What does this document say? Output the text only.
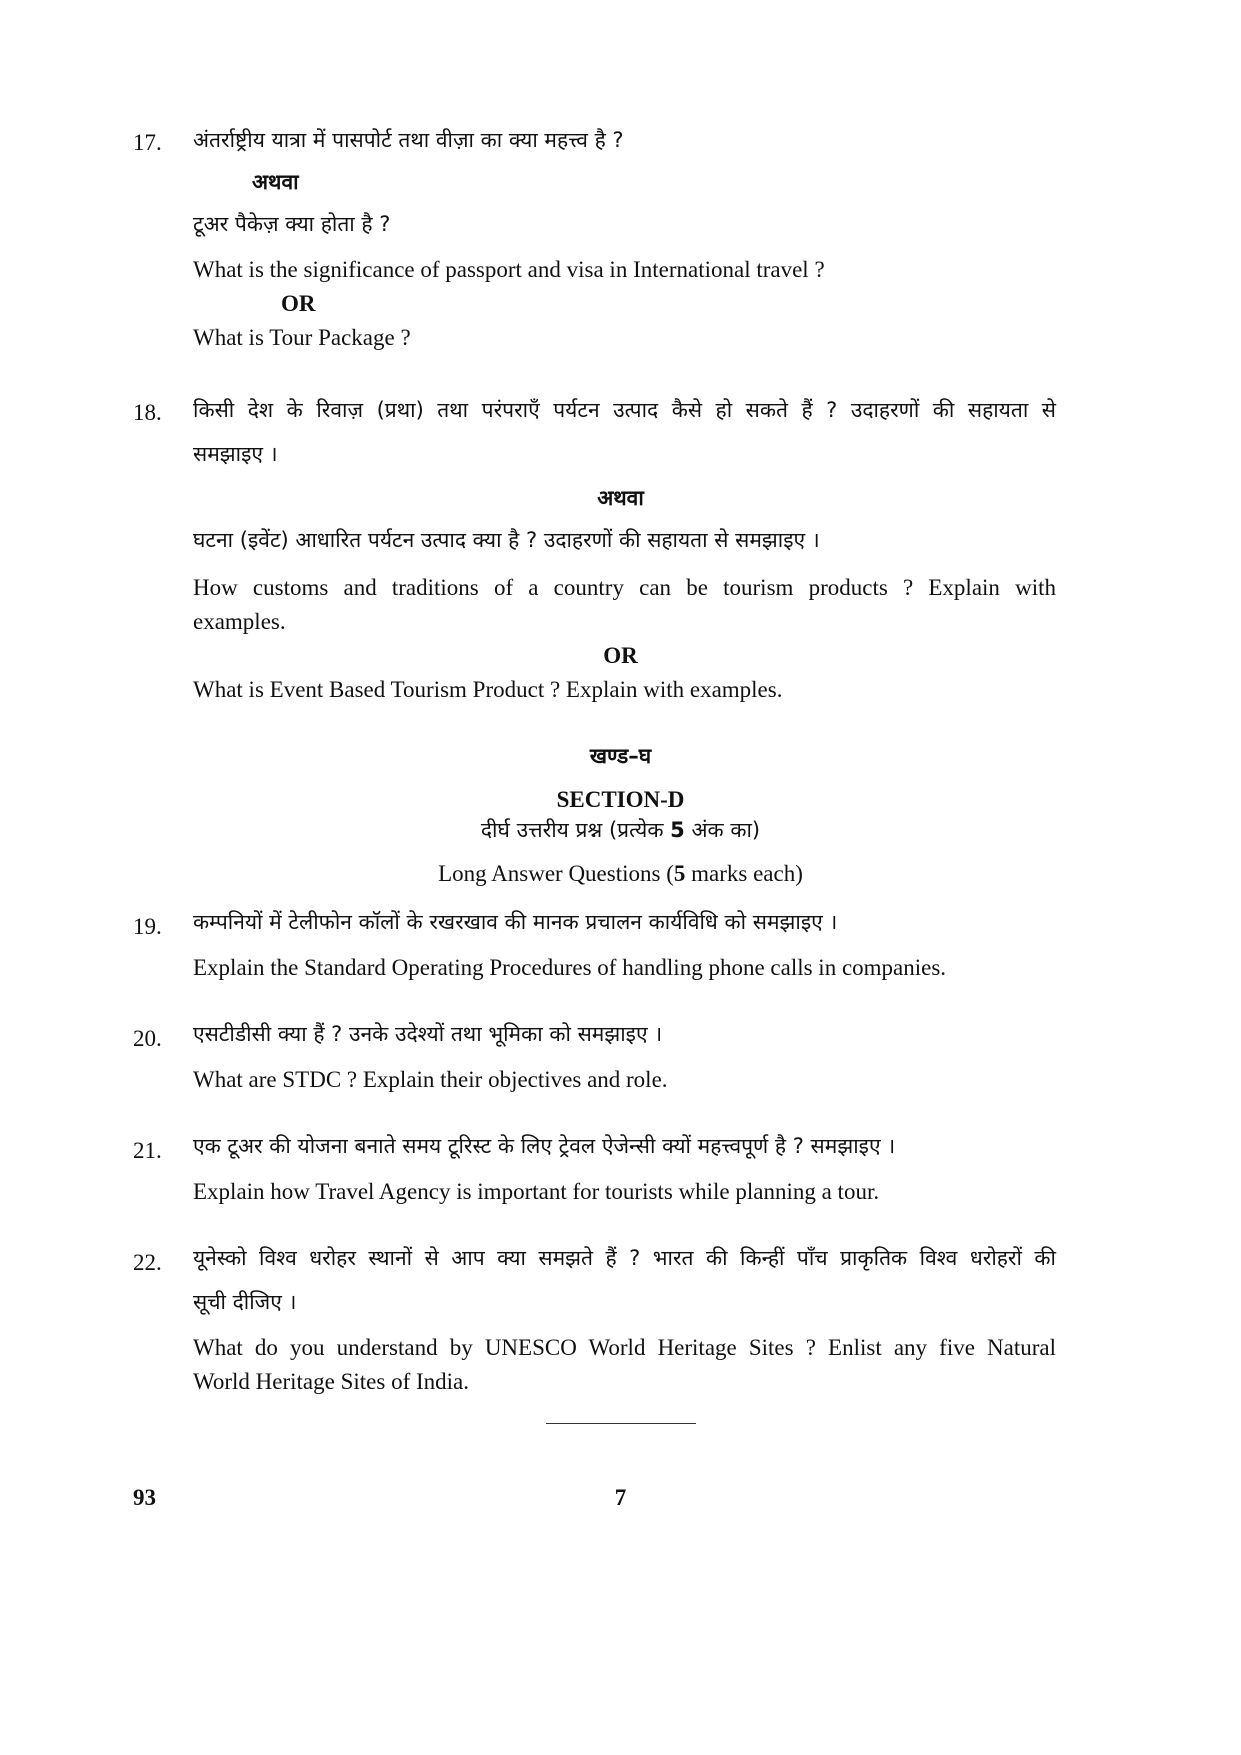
17. अंतर्राष्ट्रीय यात्रा में पासपोर्ट तथा वीज़ा का क्या महत्त्व है ?
अथवा
टूअर पैकेज़ क्या होता है ?
What is the significance of passport and visa in International travel ?
OR
What is Tour Package ?
18. किसी देश के रिवाज़ (प्रथा) तथा परंपराएँ पर्यटन उत्पाद कैसे हो सकते हैं ? उदाहरणों की सहायता से
समझाइए ।
अथवा
घटना (इवेंट) आधारित पर्यटन उत्पाद क्या है ? उदाहरणों की सहायता से समझाइए ।
How customs and traditions of a country can be tourism products ? Explain with
examples.
OR
What is Event Based Tourism Product ? Explain with examples.
खण्ड–घ
SECTION-D
दीर्घ उत्तरीय प्रश्न (प्रत्येक 5 अंक का)
Long Answer Questions (5 marks each)
19. कम्पनियों में टेलीफोन कॉलों के रखरखाव की मानक प्रचालन कार्यविधि को समझाइए ।
Explain the Standard Operating Procedures of handling phone calls in companies.
20. एसटीडीसी क्या हैं ? उनके उदेश्यों तथा भूमिका को समझाइए ।
What are STDC ? Explain their objectives and role.
21. एक टूअर की योजना बनाते समय टूरिस्ट के लिए ट्रेवल ऐजेन्सी क्यों महत्त्वपूर्ण है ? समझाइए ।
Explain how Travel Agency is important for tourists while planning a tour.
22. यूनेस्को विश्व धरोहर स्थानों से आप क्या समझते हैं ? भारत की किन्हीं पाँच प्राकृतिक विश्व धरोहरों की
सूची दीजिए ।
What do you understand by UNESCO World Heritage Sites ? Enlist any five Natural
World Heritage Sites of India.
93	7
